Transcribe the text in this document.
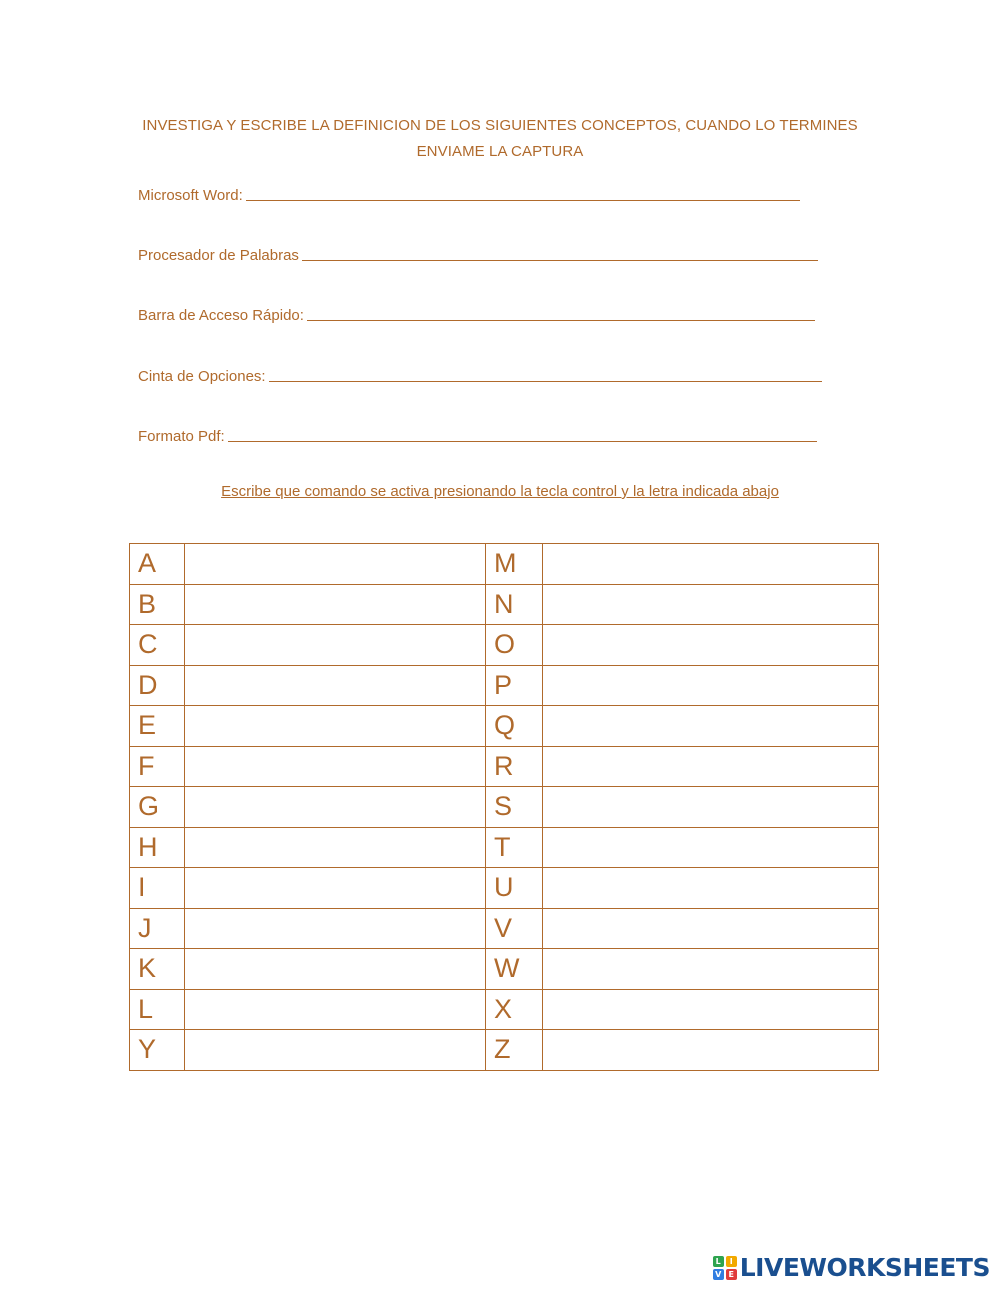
INVESTIGA Y ESCRIBE LA DEFINICION DE LOS SIGUIENTES CONCEPTOS, CUANDO LO TERMINES
ENVIAME LA CAPTURA
Microsoft Word:
Procesador de Palabras
Barra de Acceso Rápido:
Cinta de Opciones:
Formato Pdf:
Escribe que comando se activa presionando la tecla control y la letra indicada abajo
A		M	
B		N	
C		O	
D		P	
E		Q	
F		R	
G		S	
H		T	
I		U	
J		V	
K		W	
L		X	
Y		Z	
L	I
V E LIVEWORKSHEETS
